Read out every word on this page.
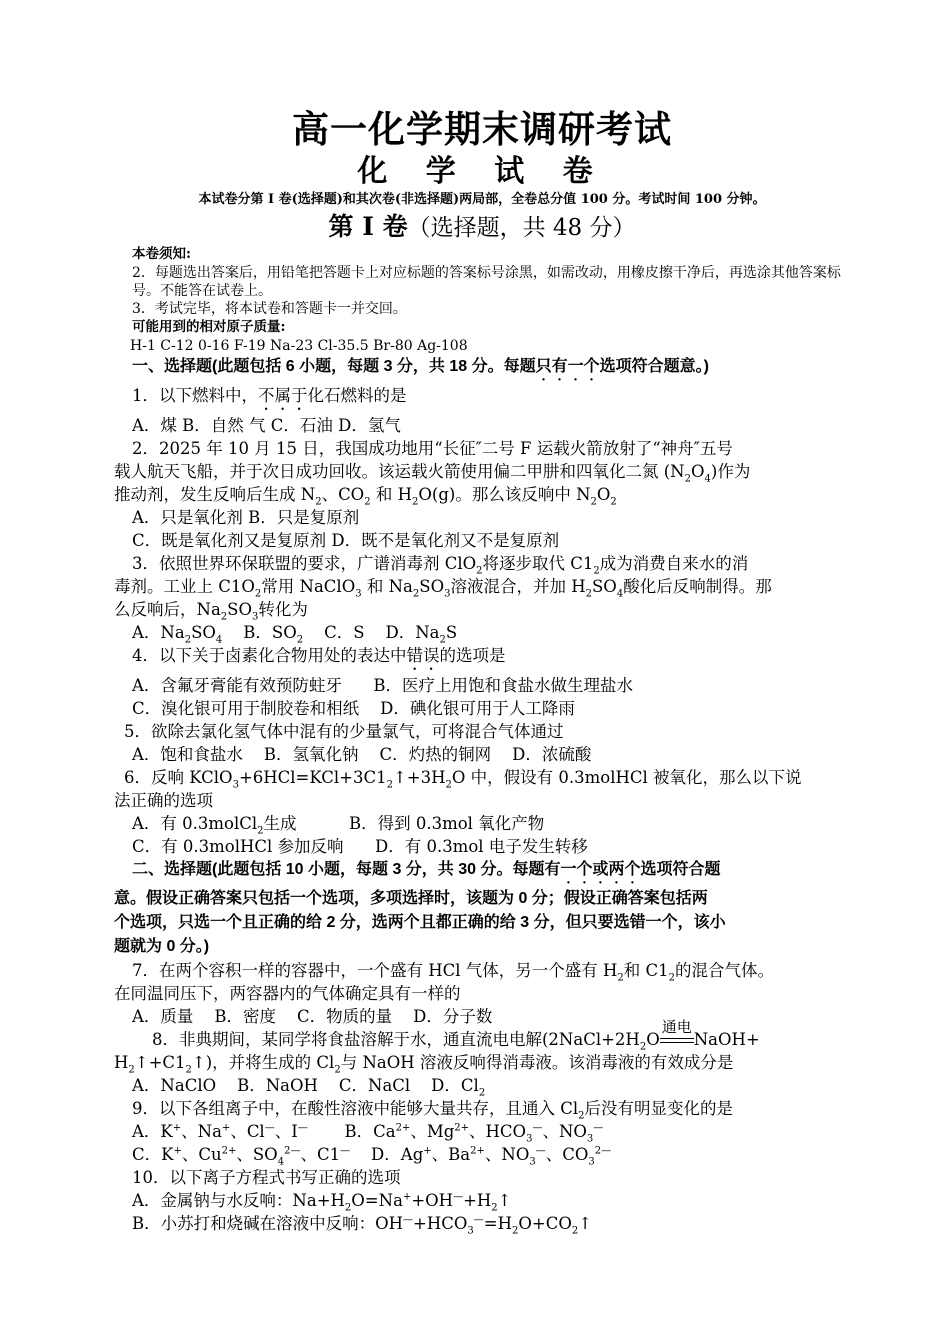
高一化学期末调研考试
化 学 试 卷
本试卷分第 I 卷(选择题)和其次卷(非选择题)两局部，全卷总分值 100 分。考试时间 100 分钟。
第 I 卷（选择题，共 48 分）
本卷须知:
2．每题选出答案后，用铅笔把答题卡上对应标题的答案标号涂黑，如需改动，用橡皮擦干净后，再选涂其他答案标号。不能答在试卷上。
3．考试完毕，将本试卷和答题卡一并交回。
可能用到的相对原子质量:
H-1 C-12 0-16 F-19 Na-23 Cl-35.5 Br-80 Ag-108
一、选择题(此题包括 6 小题，每题 3 分，共 18 分。每题只有一个选项符合题意。)
1．以下燃料中，不属于化石燃料的是
A．煤 B．自然 气 C．石油 D．氢气
2．2025 年 10 月 15 日，我国成功地用“长征″二号 F 运载火箭放射了“神舟″五号
载人航天飞船，并于次日成功回收。该运载火箭使用偏二甲肼和四氧化二氮 $(N_2O_4)$作为
推动剂，发生反响后生成 $N_2$、$CO_2$ 和 $H_2O(g)$。那么该反响中 $N_2O_2$
A．只是氧化剂 B．只是复原剂
C．既是氧化剂又是复原剂 D．既不是氧化剂又不是复原剂
3．依照世界环保联盟的要求，广谱消毒剂 ClO$_2$将逐步取代 $C1_2$成为消费自来水的消
毒剂。工业上 $C1O_2$常用 NaClO$_3$ 和 $Na_2SO_3$溶液混合，并加 $H_2SO_4$酸化后反响制得。那
么反响后，$Na_2SO_3$转化为
A．$Na_2SO_4$    B．$SO_2$    C．S    D．$Na_2S$
4．以下关于卤素化合物用处的表达中错误的选项是
A．含氟牙膏能有效预防蛀牙      B．医疗上用饱和食盐水做生理盐水
C．溴化银可用于制胶卷和相纸    D．碘化银可用于人工降雨
5．欲除去氯化氢气体中混有的少量氯气，可将混合气体通过
A．饱和食盐水    B．氢氧化钠    C．灼热的铜网    D．浓硫酸
6．反响 $KClO_3+6HCl=KCl+3C1_2↑+3H_2O$ 中，假设有 0.3molHCl 被氧化，那么以下说
法正确的选项
A．有 0.3molCl$_2$生成          B．得到 0.3mol 氧化产物
C．有 0.3molHCl 参加反响      D．有 0.3mol 电子发生转移
二、选择题(此题包括 10 小题，每题 3 分，共 30 分。每题有一个或两个选项符合题
意。假设正确答案只包括一个选项，多项选择时，该题为 0 分；假设正确答案包括两
个选项，只选一个且正确的给 2 分，选两个且都正确的给 3 分，但只要选错一个，该小
题就为 0 分。)
7．在两个容积一样的容器中，一个盛有 HCl 气体，另一个盛有 $H_2$和 $C1_2$的混合气体。
在同温同压下，两容器内的气体确定具有一样的
A．质量    B．密度    C．物质的量    D．分子数
8．非典期间，某同学将食盐溶解于水，通直流电电解($2NaCl+2H_2O$
通电
NaOH+
$H_2↑+C1_2↑$)，并将生成的 $Cl_2$与 NaOH 溶液反响得消毒液。该消毒液的有效成分是
A．NaClO    B．NaOH    C．NaCl    D．$Cl_2$
9．以下各组离子中，在酸性溶液中能够大量共存，且通入 $Cl_2$后没有明显变化的是
A．K+、Na+、Cl—、I—       B．$Ca^{2+}$、$Mg^{2+}$、$HCO_3^—$、$NO_3^—$
C．K+、$Cu^{2+}$、$SO_4^{2—}$、C1—    D．Ag+、$Ba^{2+}$、$NO_3^—$、$CO_3^{2—}$
10．以下离子方程式书写正确的选项
A．金属钠与水反响：$Na+H_2O=Na^++OH^—+H_2↑$
B．小苏打和烧碱在溶液中反响：$OH^—+HCO_3^—=H_2O+CO_2↑$
